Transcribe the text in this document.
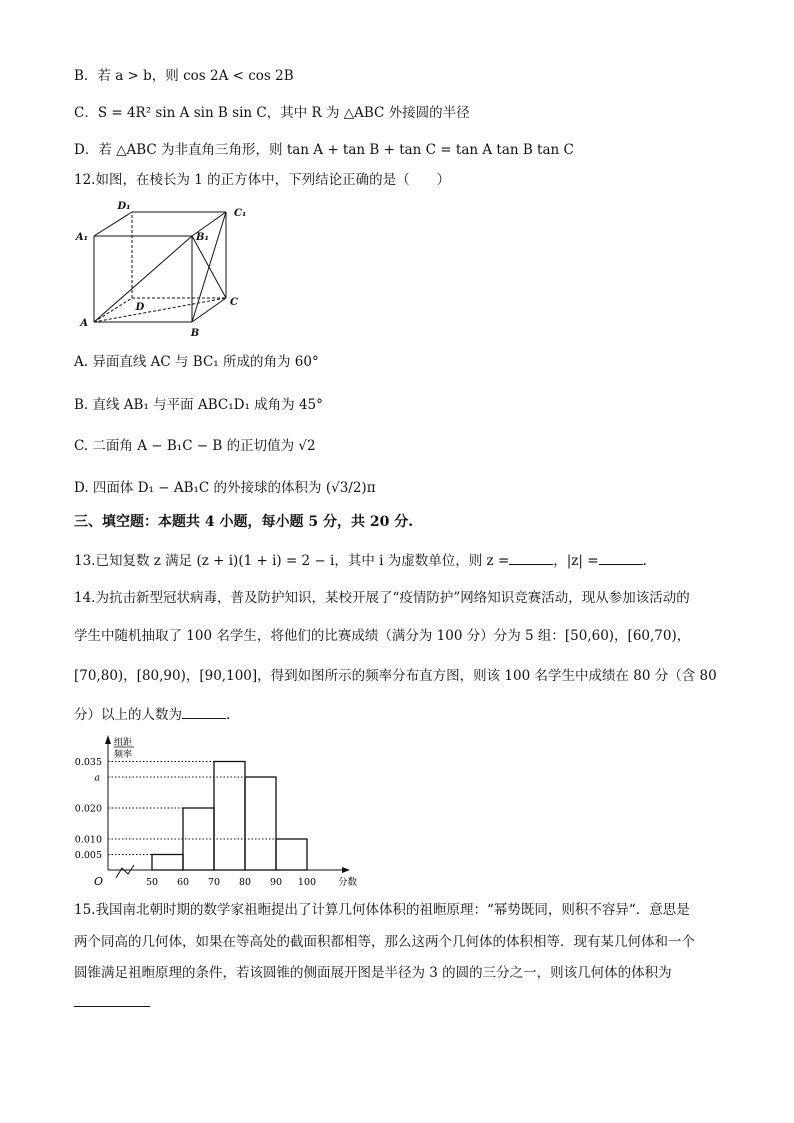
B．若 a > b，则 cos 2A < cos 2B
C．S = 4R² sin A sin B sin C，其中 R 为 △ABC 外接圆的半径
D．若 △ABC 为非直角三角形，则 tan A + tan B + tan C = tan A tan B tan C
12.如图，在棱长为 1 的正方体中，下列结论正确的是（　　）
D₁
C₁
A₁	B₁
D	C
A
B
A. 异面直线 AC 与 BC₁ 所成的角为 60°
B. 直线 AB₁ 与平面 ABC₁D₁ 成角为 45°
C. 二面角 A − B₁C − B 的正切值为 √2
D. 四面体 D₁ − AB₁C 的外接球的体积为 (√3/2)π
三、填空题：本题共 4 小题，每小题 5 分，共 20 分.
13.已知复数 z 满足 (z + i)(1 + i) = 2 − i，其中 i 为虚数单位，则 z =	，|z| =	.
14.为抗击新型冠状病毒，普及防护知识，某校开展了“疫情防护”网络知识竞赛活动，现从参加该活动的
学生中随机抽取了 100 名学生，将他们的比赛成绩（满分为 100 分）分为 5 组：[50,60)，[60,70)，
[70,80)，[80,90)，[90,100]，得到如图所示的频率分布直方图，则该 100 名学生中成绩在 80 分（含 80
分）以上的人数为	.
O
组距
频率
0.035
a
0.020
0.010
0.005
50 60 70 80 90 100 分数
15.我国南北朝时期的数学家祖暅提出了计算几何体体积的祖暅原理：“幂势既同，则积不容异“．意思是
两个同高的几何体，如果在等高处的截面积都相等，那么这两个几何体的体积相等．现有某几何体和一个
圆锥满足祖暅原理的条件，若该圆锥的侧面展开图是半径为 3 的圆的三分之一，则该几何体的体积为
